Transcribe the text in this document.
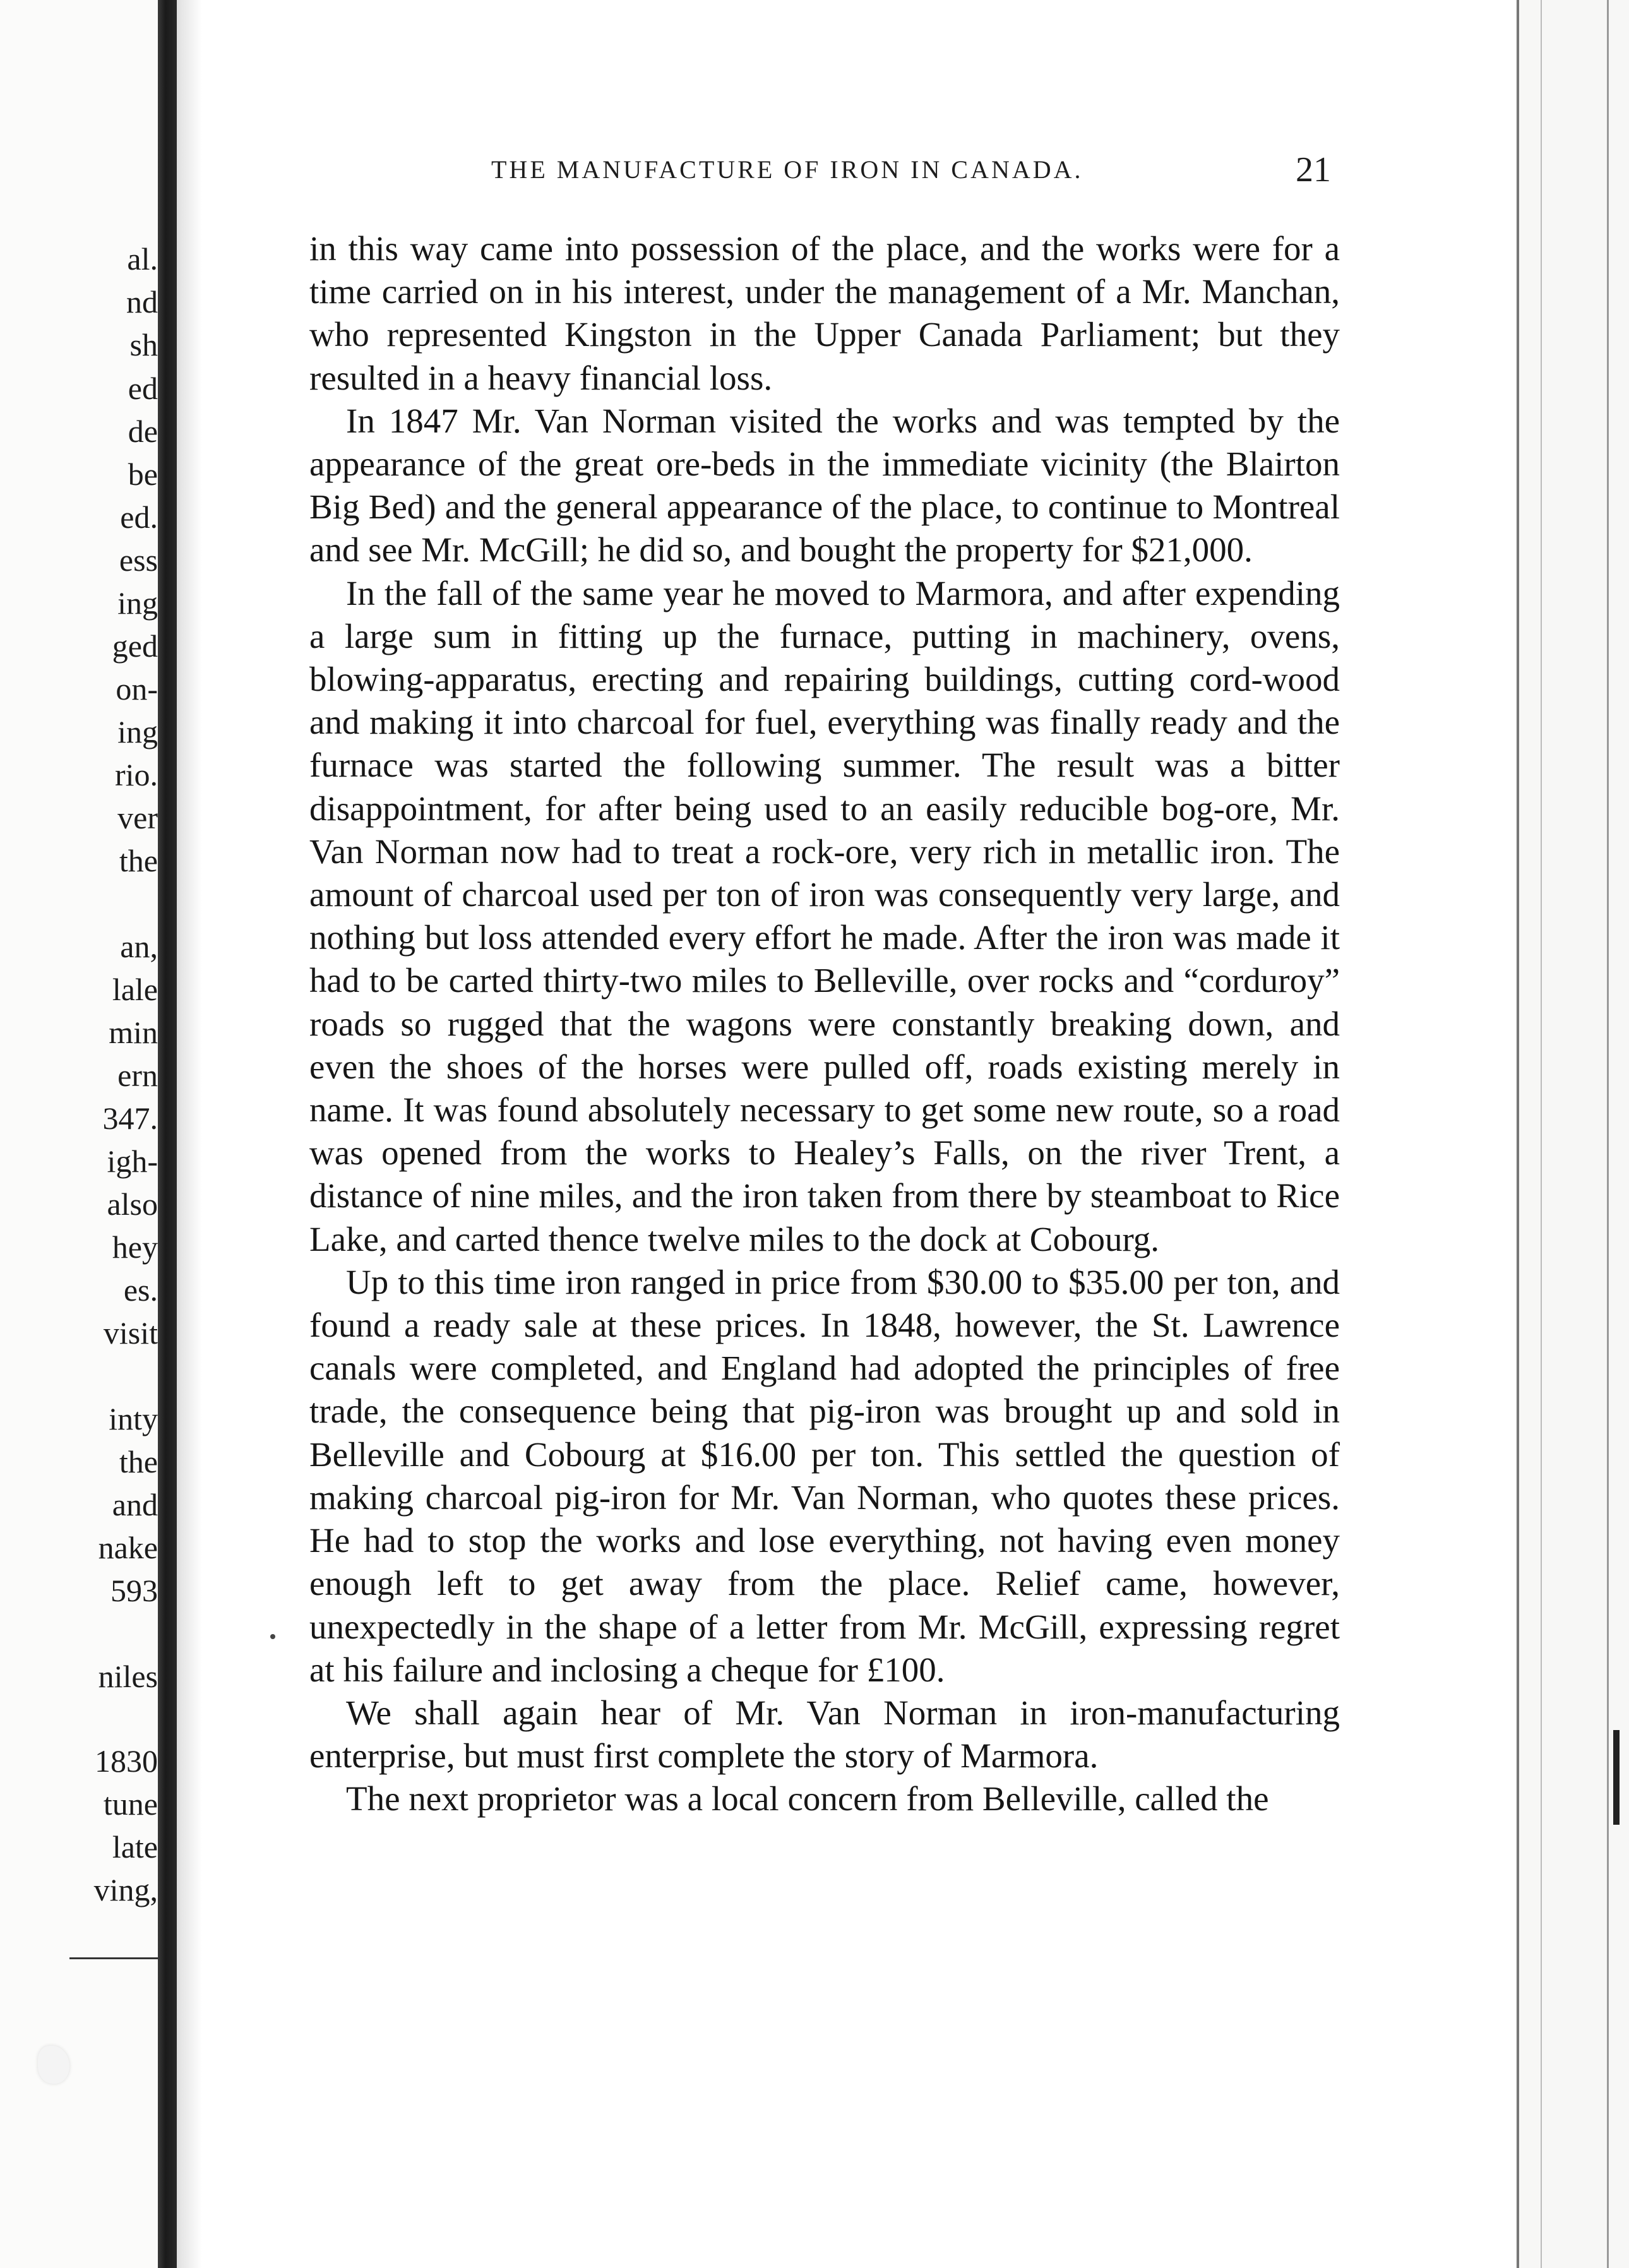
al.
nd
sh
ed
de
be
ed.
ess
ing
ged
on-
ing
rio.
ver
the
an,
lale
min
ern
347.
igh-
also
hey
es.
visit
inty
the
and
nake
593
niles
1830
tune
late
ving,
THE MANUFACTURE OF IRON IN CANADA.	21

in this way came into possession of the place, and the works were for a time carried on in his interest, under the management of a Mr. Manchan, who represented Kingston in the Upper Canada Parliament; but they resulted in a heavy financial loss.

In 1847 Mr. Van Norman visited the works and was tempted by the appearance of the great ore-beds in the immediate vicinity (the Blairton Big Bed) and the general appearance of the place, to continue to Montreal and see Mr. McGill; he did so, and bought the property for $21,000.

In the fall of the same year he moved to Marmora, and after expending a large sum in fitting up the furnace, putting in machinery, ovens, blowing-apparatus, erecting and repairing buildings, cutting cord-wood and making it into charcoal for fuel, everything was finally ready and the furnace was started the following summer. The result was a bitter disappointment, for after being used to an easily reducible bog-ore, Mr. Van Norman now had to treat a rock-ore, very rich in metallic iron. The amount of charcoal used per ton of iron was consequently very large, and nothing but loss attended every effort he made. After the iron was made it had to be carted thirty-two miles to Belleville, over rocks and “corduroy” roads so rugged that the wagons were constantly breaking down, and even the shoes of the horses were pulled off, roads existing merely in name. It was found absolutely necessary to get some new route, so a road was opened from the works to Healey’s Falls, on the river Trent, a distance of nine miles, and the iron taken from there by steamboat to Rice Lake, and carted thence twelve miles to the dock at Cobourg.

Up to this time iron ranged in price from $30.00 to $35.00 per ton, and found a ready sale at these prices. In 1848, however, the St. Lawrence canals were completed, and England had adopted the principles of free trade, the consequence being that pig-iron was brought up and sold in Belleville and Cobourg at $16.00 per ton. This settled the question of making charcoal pig-iron for Mr. Van Norman, who quotes these prices. He had to stop the works and lose everything, not having even money enough left to get away from the place. Relief came, however, unexpectedly in the shape of a letter from Mr. McGill, expressing regret at his failure and inclosing a cheque for £100.

We shall again hear of Mr. Van Norman in iron-manufacturing enterprise, but must first complete the story of Marmora.

The next proprietor was a local concern from Belleville, called the
